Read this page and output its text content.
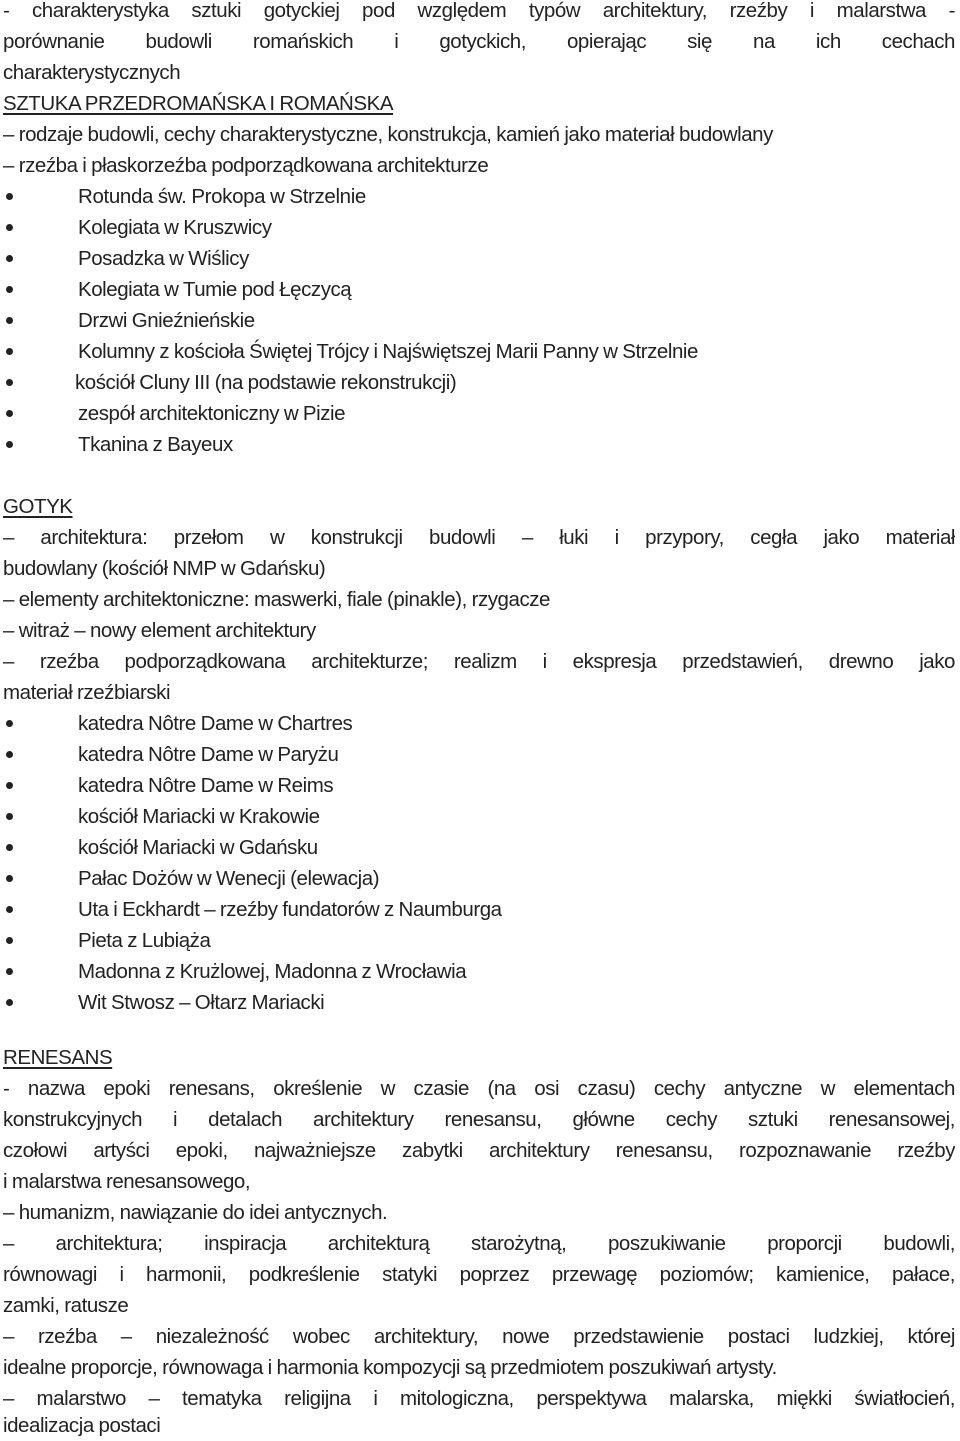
- charakterystyka sztuki gotyckiej pod względem typów architektury, rzeźby i malarstwa -
porównanie budowli romańskich i gotyckich, opierając się na ich cechach
charakterystycznych
SZTUKA PRZEDROMAŃSKA I ROMAŃSKA
– rodzaje budowli, cechy charakterystyczne, konstrukcja, kamień jako materiał budowlany
– rzeźba i płaskorzeźba podporządkowana architekturze
Rotunda św. Prokopa w Strzelnie
Kolegiata w Kruszwicy
Posadzka w Wiślicy
Kolegiata w Tumie pod Łęczycą
Drzwi Gnieźnieńskie
Kolumny z kościoła Świętej Trójcy i Najświętszej Marii Panny w Strzelnie
kościół Cluny III (na podstawie rekonstrukcji)
zespół architektoniczny w Pizie
Tkanina z Bayeux
GOTYK
– architektura: przełom w konstrukcji budowli – łuki i przypory, cegła jako materiał
budowlany (kościół NMP w Gdańsku)
– elementy architektoniczne: maswerki, fiale (pinakle), rzygacze
– witraż – nowy element architektury
– rzeźba podporządkowana architekturze; realizm i ekspresja przedstawień, drewno jako
materiał rzeźbiarski
katedra Nôtre Dame w Chartres
katedra Nôtre Dame w Paryżu
katedra Nôtre Dame w Reims
kościół Mariacki w Krakowie
kościół Mariacki w Gdańsku
Pałac Dożów w Wenecji (elewacja)
Uta i Eckhardt – rzeźby fundatorów z Naumburga
Pieta z Lubiąża
Madonna z Krużlowej, Madonna z Wrocławia
Wit Stwosz – Ołtarz Mariacki
RENESANS
- nazwa epoki renesans, określenie w czasie (na osi czasu) cechy antyczne w elementach
konstrukcyjnych i detalach architektury renesansu, główne cechy sztuki renesansowej,
czołowi artyści epoki, najważniejsze zabytki architektury renesansu, rozpoznawanie rzeźby
i malarstwa renesansowego,
– humanizm, nawiązanie do idei antycznych.
– architektura; inspiracja architekturą starożytną, poszukiwanie proporcji budowli,
równowagi i harmonii, podkreślenie statyki poprzez przewagę poziomów; kamienice, pałace,
zamki, ratusze
– rzeźba – niezależność wobec architektury, nowe przedstawienie postaci ludzkiej, której
idealne proporcje, równowaga i harmonia kompozycji są przedmiotem poszukiwań artysty.
– malarstwo – tematyka religijna i mitologiczna, perspektywa malarska, miękki światłocień,
idealizacja postaci
